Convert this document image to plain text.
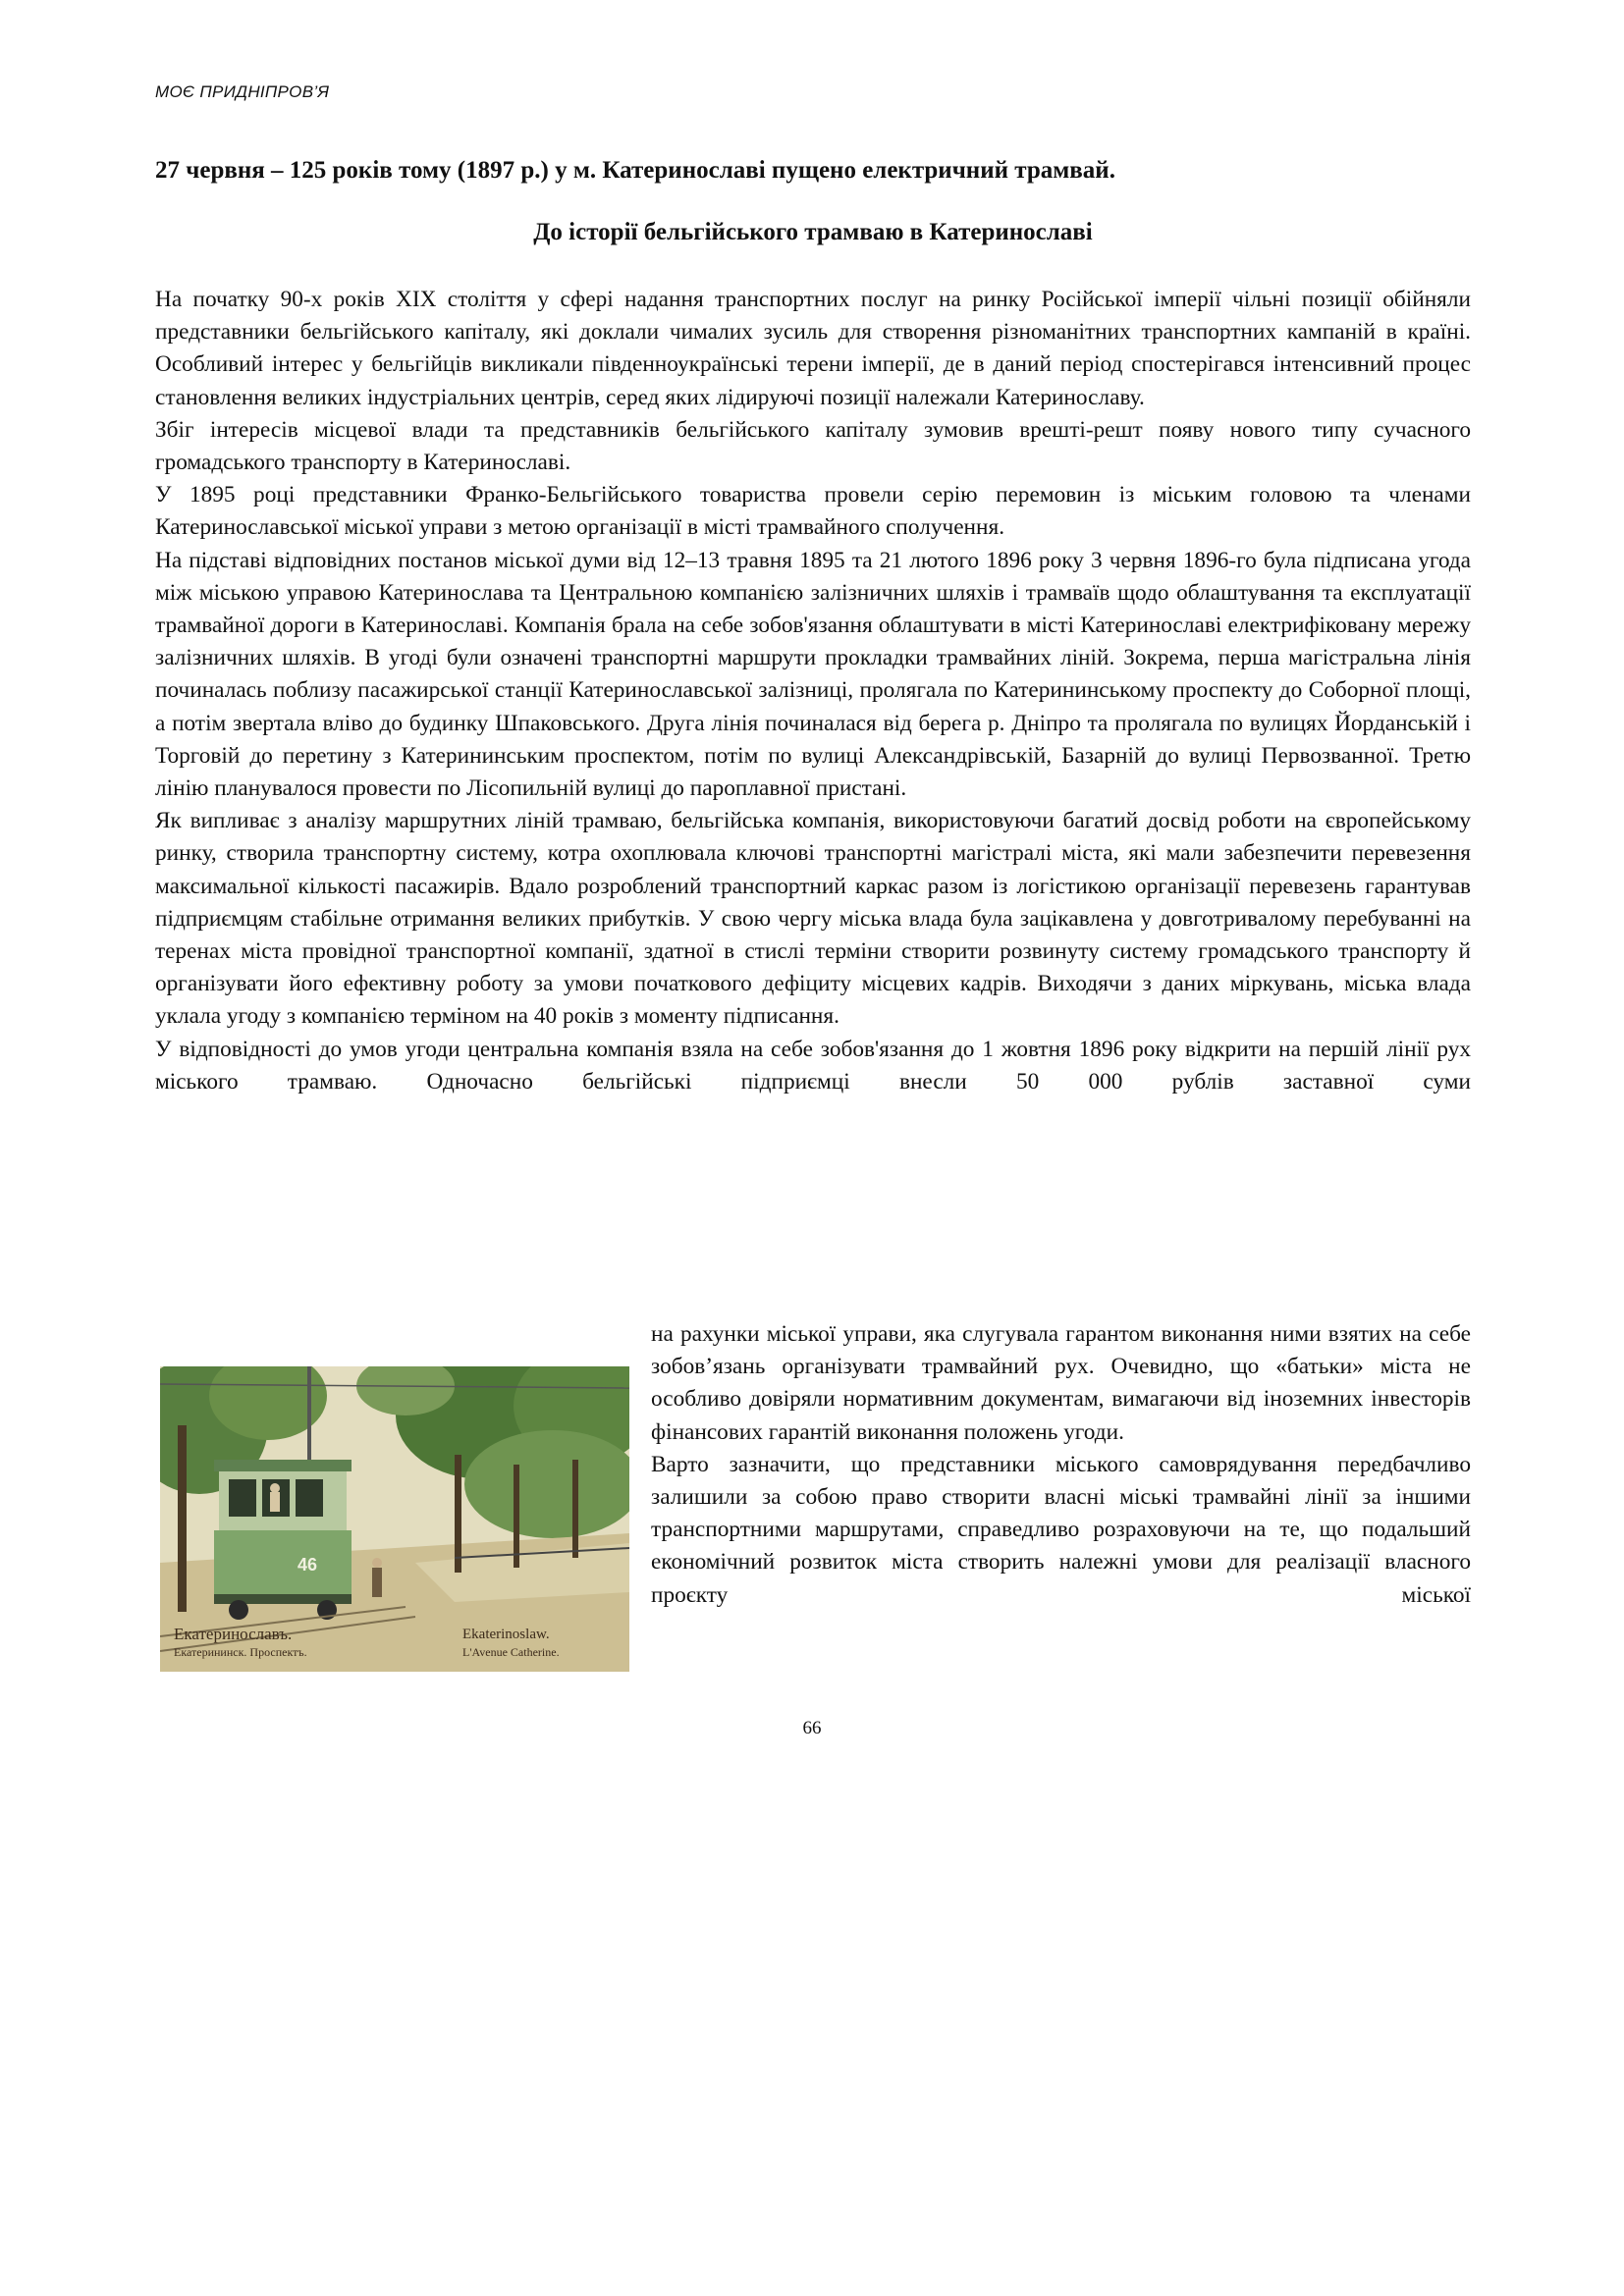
МОЄ ПРИДНІПРОВ’Я
27 червня – 125 років тому (1897 р.) у м. Катеринославі пущено електричний трамвай.
До історії бельгійського трамваю в Катеринославі

На початку 90-х років XIX століття у сфері надання транспортних послуг на ринку Російської імперії чільні позиції обійняли представники бельгійського капіталу, які доклали чималих зусиль для створення різноманітних транспортних кампаній в країні. Особливий інтерес у бельгійців викликали південноукраїнські терени імперії, де в даний період спостерігався інтенсивний процес становлення великих індустріальних центрів, серед яких лідируючі позиції належали Катеринославу.

Збіг інтересів місцевої влади та представників бельгійського капіталу зумовив врешті-решт появу нового типу сучасного громадського транспорту в Катеринославі.

У 1895 році представники Франко-Бельгійського товариства провели серію перемовин із міським головою та членами Катеринославської міської управи з метою організації в місті трамвайного сполучення.

На підставі відповідних постанов міської думи від 12–13 травня 1895 та 21 лютого 1896 року 3 червня 1896-го була підписана угода між міською управою Катеринослава та Центральною компанією залізничних шляхів і трамваїв щодо облаштування та експлуатації трамвайної дороги в Катеринославі. Компанія брала на себе зобов'язання облаштувати в місті Катеринославі електрифіковану мережу залізничних шляхів. В угоді були означені транспортні маршрути прокладки трамвайних ліній. Зокрема, перша магістральна лінія починалась поблизу пасажирської станції Катеринославської залізниці, пролягала по Катерининському проспекту до Соборної площі, а потім звертала вліво до будинку Шпаковського. Друга лінія починалася від берега р. Дніпро та пролягала по вулицях Йорданській і Торговій до перетину з Катерининським проспектом, потім по вулиці Александрівській, Базарній до вулиці Первозванної. Третю лінію планувалося провести по Лісопильній вулиці до пароплавної пристані.

Як випливає з аналізу маршрутних ліній трамваю, бельгійська компанія, використовуючи багатий досвід роботи на європейському ринку, створила транспортну систему, котра охоплювала ключові транспортні магістралі міста, які мали забезпечити перевезення максимальної кількості пасажирів. Вдало розроблений транспортний каркас разом із логістикою організації перевезень гарантував підприємцям стабільне отримання великих прибутків. У свою чергу міська влада була зацікавлена у довготривалому перебуванні на теренах міста провідної транспортної компанії, здатної в стислі терміни створити розвинуту систему громадського транспорту й організувати його ефективну роботу за умови початкового дефіциту місцевих кадрів. Виходячи з даних міркувань, міська влада уклала угоду з компанією терміном на 40 років з моменту підписання.

У відповідності до умов угоди центральна компанія взяла на себе зобов'язання до 1 жовтня 1896 року відкрити на першій лінії рух міського трамваю. Одночасно бельгійські підприємці внесли 50 000 рублів заставної суми

46
Екатеринославъ.
Екатерининск. Проспектъ.
Ekaterinoslaw.
L'Avenue Catherine.

на рахунки міської управи, яка слугувала гарантом виконання ними взятих на себе зобов’язань організувати трамвайний рух. Очевидно, що «батьки» міста не особливо довіряли нормативним документам, вимагаючи від іноземних інвесторів фінансових гарантій виконання положень угоди.

Варто зазначити, що представники міського самоврядування передбачливо залишили за собою право створити власні міські трамвайні лінії за іншими транспортними маршрутами, справедливо розраховуючи на те, що подальший економічний розвиток міста створить належні умови для реалізації власного проєкту міської

66
